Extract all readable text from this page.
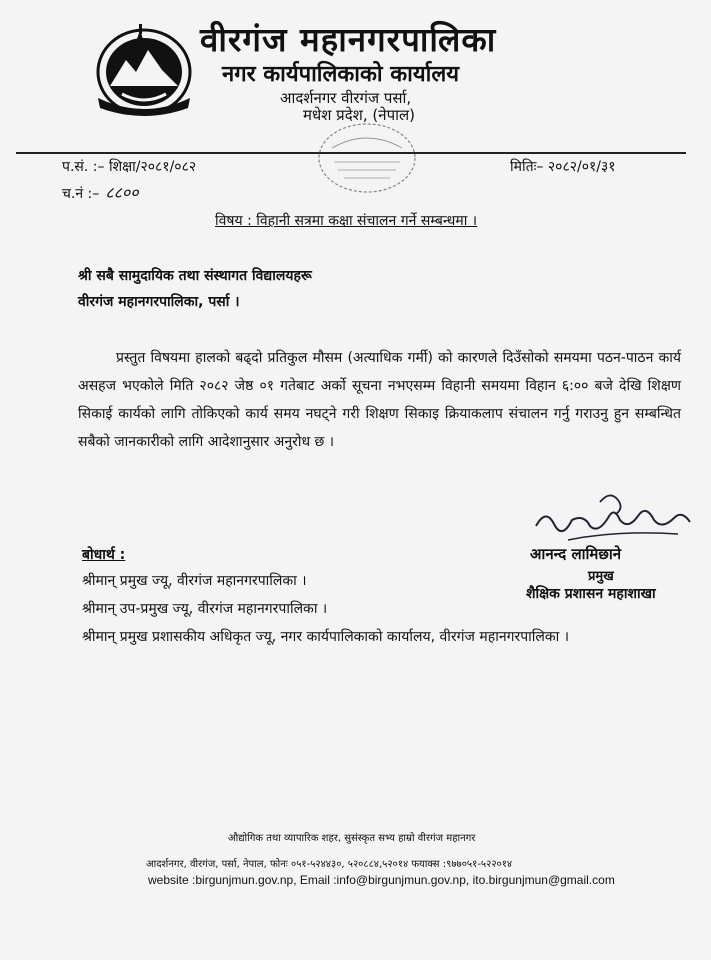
वीरगंज महानगरपालिका
नगर कार्यपालिकाको कार्यालय
आदर्शनगर वीरगंज पर्सा,
मधेश प्रदेश, (नेपाल)
प.सं. :– शिक्षा/२०८१/०८२
च.नं :– ८८००
मितिः– २०८२/०१/३१
विषय : विहानी सत्रमा कक्षा संचालन गर्ने सम्बन्धमा ।
श्री सबै सामुदायिक तथा संस्थागत विद्यालयहरू
वीरगंज महानगरपालिका, पर्सा ।
प्रस्तुत विषयमा हालको बढ्दो प्रतिकुल मौसम (अत्याधिक गर्मी) को कारणले दिउँसोको समयमा पठन-पाठन कार्य असहज भएकोले मिति २०८२ जेष्ठ ०१ गतेबाट अर्को सूचना नभएसम्म विहानी समयमा विहान ६:०० बजे देखि शिक्षण सिकाई कार्यको लागि तोकिएको कार्य समय नघट्ने गरी शिक्षण सिकाइ क्रियाकलाप संचालन गर्नु गराउनु हुन सम्बन्धित सबैको जानकारीको लागि आदेशानुसार अनुरोध छ ।
आनन्द लामिछाने
प्रमुख
शैक्षिक प्रशासन महाशाखा
बोधार्थ :
श्रीमान् प्रमुख ज्यू, वीरगंज महानगरपालिका ।
श्रीमान् उप-प्रमुख ज्यू, वीरगंज महानगरपालिका ।
श्रीमान् प्रमुख प्रशासकीय अधिकृत ज्यू, नगर कार्यपालिकाको कार्यालय, वीरगंज महानगरपालिका ।
औद्योगिक तथा व्यापारिक शहर, सुसंस्कृत सभ्य हाम्रो वीरगंज महानगर
आदर्शनगर, वीरगंज, पर्सा, नेपाल, फोनः ०५१-५२४४३०, ५२०८८४,५२०१४ फयाक्स :९७७०५१-५२२०१४
website :birgunjmun.gov.np, Email :info@birgunjmun.gov.np, ito.birgunjmun@gmail.com
